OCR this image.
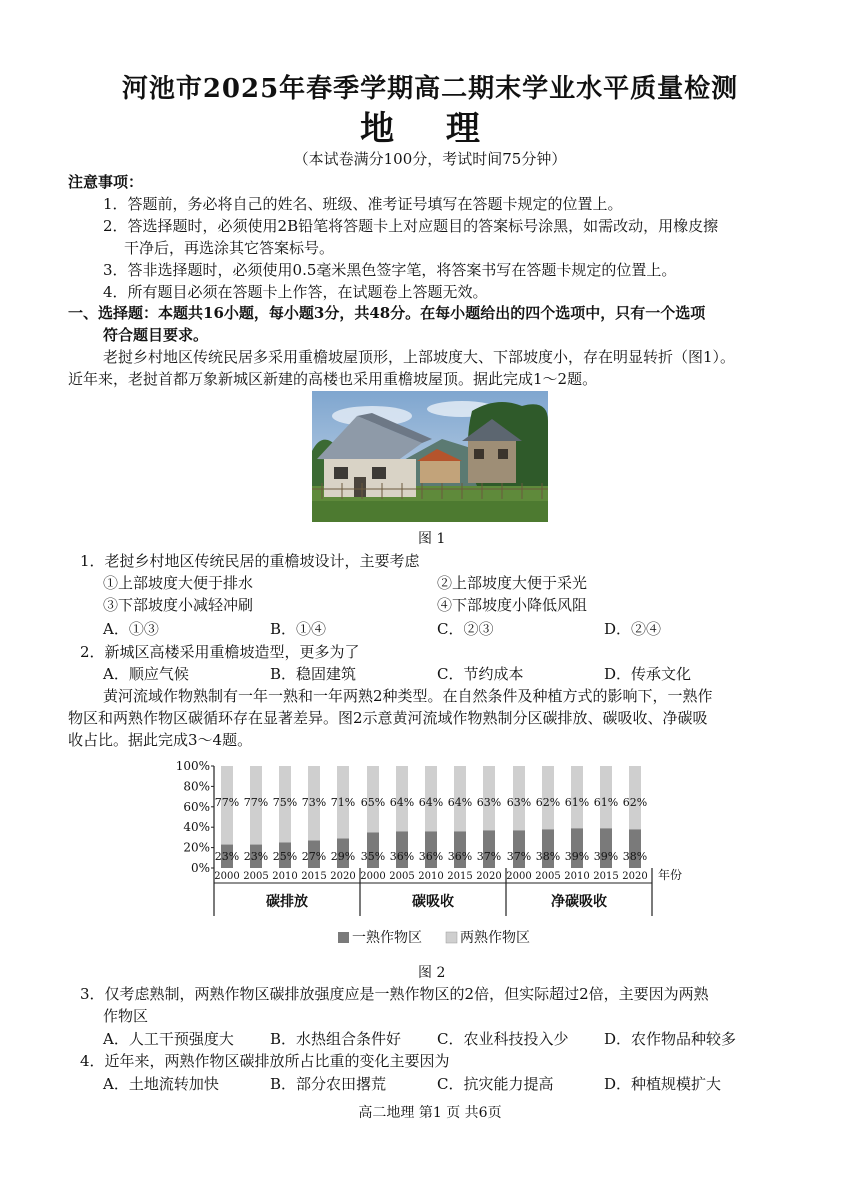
河池市2025年春季学期高二期末学业水平质量检测
地 理
（本试卷满分100分，考试时间75分钟）
注意事项：
1．答题前，务必将自己的姓名、班级、准考证号填写在答题卡规定的位置上。
2．答选择题时，必须使用2B铅笔将答题卡上对应题目的答案标号涂黑，如需改动，用橡皮擦
干净后，再选涂其它答案标号。
3．答非选择题时，必须使用0.5毫米黑色签字笔，将答案书写在答题卡规定的位置上。
4．所有题目必须在答题卡上作答，在试题卷上答题无效。
一、选择题：本题共16小题，每小题3分，共48分。在每小题给出的四个选项中，只有一个选项
符合题目要求。
老挝乡村地区传统民居多采用重檐坡屋顶形，上部坡度大、下部坡度小，存在明显转折（图1）。
近年来，老挝首都万象新城区新建的高楼也采用重檐坡屋顶。据此完成1～2题。
图 1
1．老挝乡村地区传统民居的重檐坡设计，主要考虑
①上部坡度大便于排水	②上部坡度大便于采光
③下部坡度小减轻冲刷	④下部坡度小降低风阻
A．①③	B．①④	C．②③	D．②④
2．新城区高楼采用重檐坡造型，更多为了
A．顺应气候	B．稳固建筑	C．节约成本	D．传承文化
黄河流域作物熟制有一年一熟和一年两熟2种类型。在自然条件及种植方式的影响下，一熟作
物区和两熟作物区碳循环存在显著差异。图2示意黄河流域作物熟制分区碳排放、碳吸收、净碳吸
收占比。据此完成3～4题。
100%
80%
60%
40%
20%
0%
77%
23%
2000
77%
23%
2005
75%
25%
2010
73%
27%
2015
71%
29%
2020
碳排放
65%
35%
2000
64%
36%
2005
64%
36%
2010
64%
36%
2015
63%
37%
2020
碳吸收
63%
37%
2000
62%
38%
2005
61%
39%
2010
61%
39%
2015
62%
38%
2020
净碳吸收
年份
一熟作物区	两熟作物区
图 2
3．仅考虑熟制，两熟作物区碳排放强度应是一熟作物区的2倍，但实际超过2倍，主要因为两熟
作物区
A．人工干预强度大 B．水热组合条件好 C．农业科技投入少 D．农作物品种较多
4．近年来，两熟作物区碳排放所占比重的变化主要因为
A．土地流转加快	B．部分农田撂荒	C．抗灾能力提高	D．种植规模扩大
高二地理 第1 页 共6页
